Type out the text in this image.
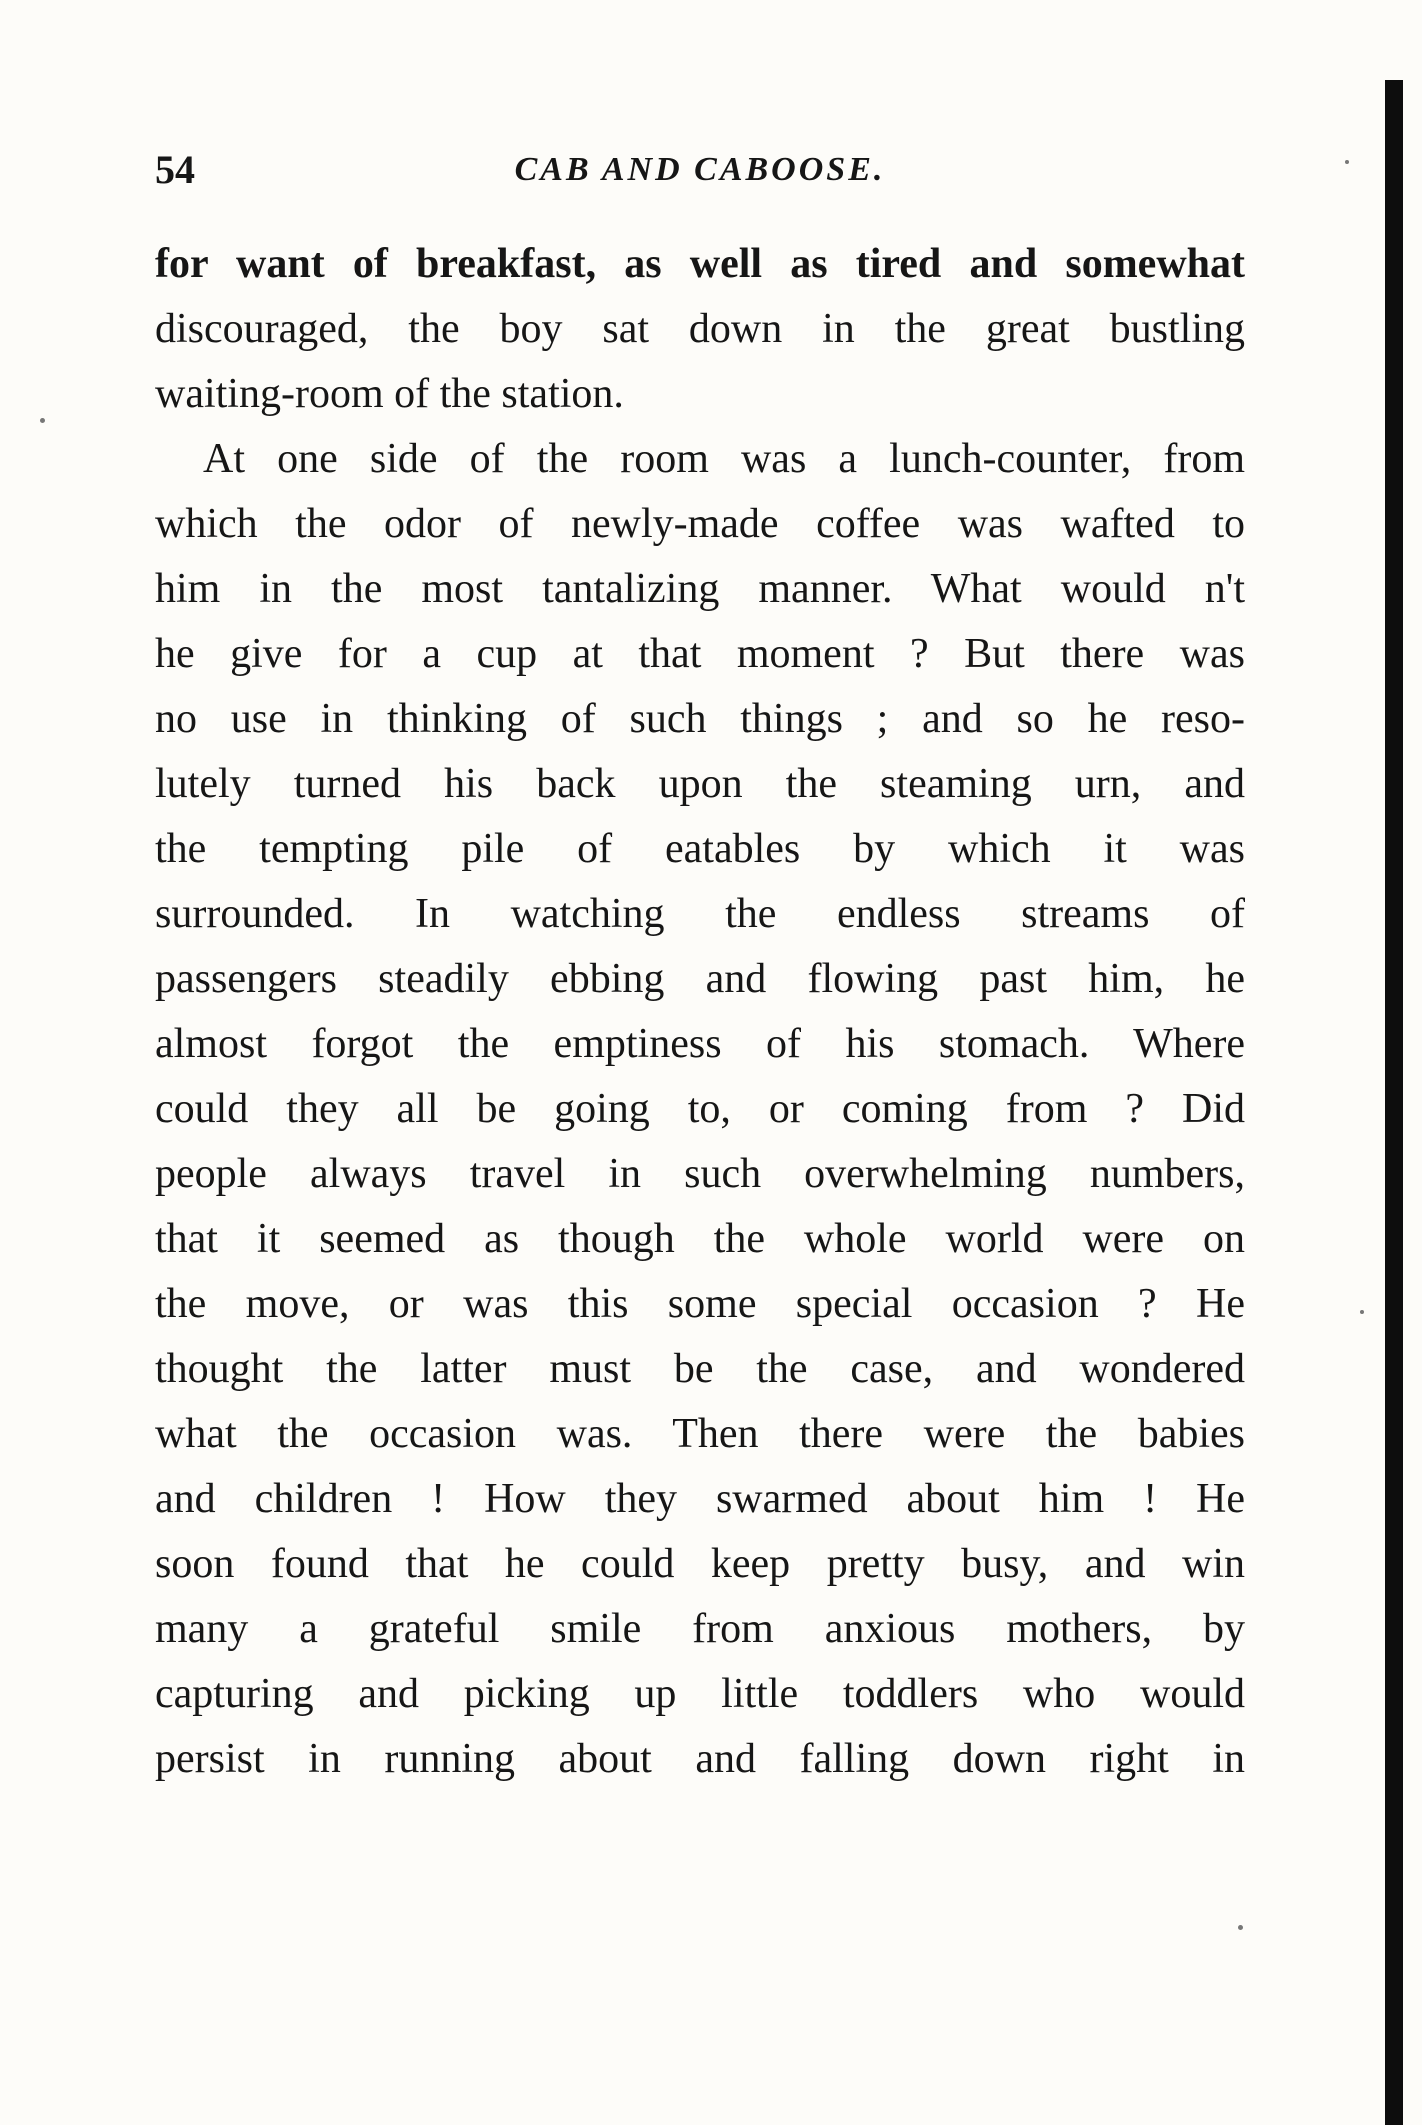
54	CAB AND CABOOSE.
for want of breakfast, as well as tired and somewhat
discouraged, the boy sat down in the great bustling
waiting-room of the station.
At one side of the room was a lunch-counter, from
which the odor of newly-made coffee was wafted to
him in the most tantalizing manner. What would n't
he give for a cup at that moment ? But there was
no use in thinking of such things ; and so he reso-
lutely turned his back upon the steaming urn, and
the tempting pile of eatables by which it was
surrounded. In watching the endless streams of
passengers steadily ebbing and flowing past him, he
almost forgot the emptiness of his stomach. Where
could they all be going to, or coming from ? Did
people always travel in such overwhelming numbers,
that it seemed as though the whole world were on
the move, or was this some special occasion ? He
thought the latter must be the case, and wondered
what the occasion was. Then there were the babies
and children ! How they swarmed about him ! He
soon found that he could keep pretty busy, and win
many a grateful smile from anxious mothers, by
capturing and picking up little toddlers who would
persist in running about and falling down right in
